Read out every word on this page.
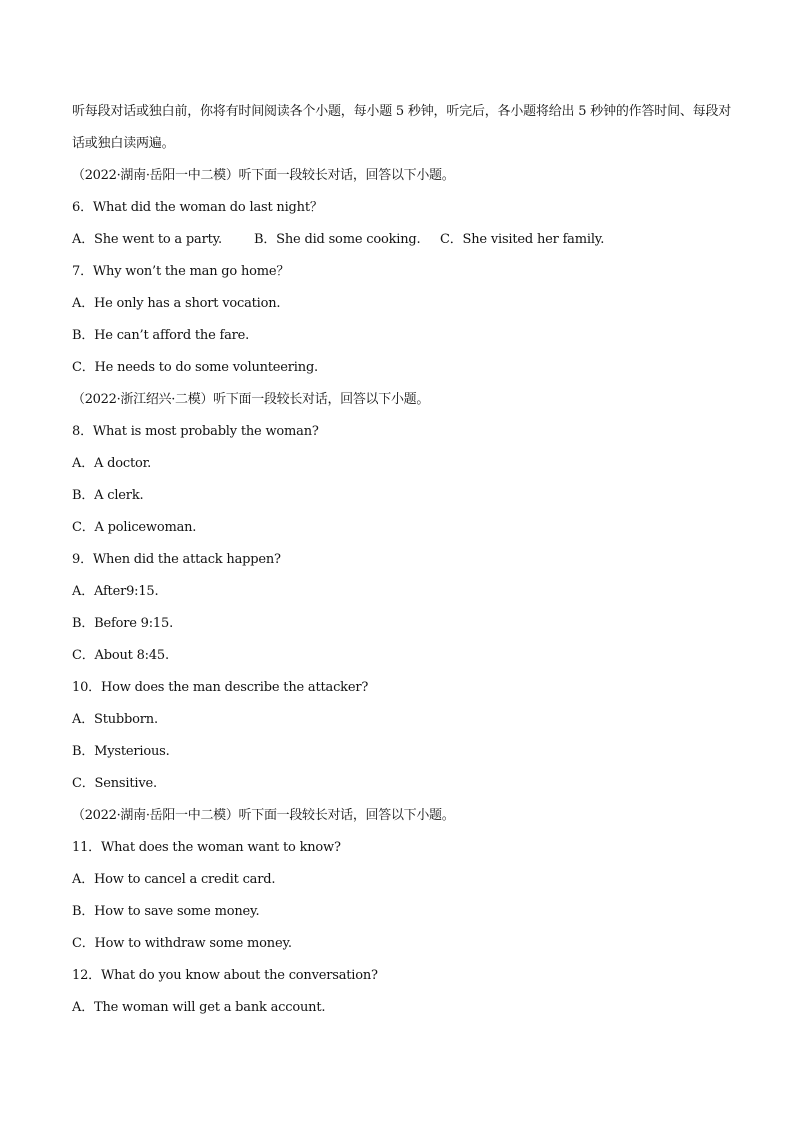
听每段对话或独白前，你将有时间阅读各个小题，每小题 5 秒钟，听完后，各小题将给出 5 秒钟的作答时间、每段对话或独白读两遍。
（2022·湖南·岳阳一中二模）听下面一段较长对话，回答以下小题。
6．What did the woman do last night？
A．She went to a party. B．She did some cooking. C．She visited her family.
7．Why won’t the man go home？
A．He only has a short vocation.
B．He can’t afford the fare.
C．He needs to do some volunteering.
（2022·浙江绍兴·二模）听下面一段较长对话，回答以下小题。
8．What is most probably the woman?
A．A doctor.
B．A clerk.
C．A policewoman.
9．When did the attack happen?
A．After9:15.
B．Before 9:15.
C．About 8:45.
10．How does the man describe the attacker?
A．Stubborn.
B．Mysterious.
C．Sensitive.
（2022·湖南·岳阳一中二模）听下面一段较长对话，回答以下小题。
11．What does the woman want to know?
A．How to cancel a credit card.
B．How to save some money.
C．How to withdraw some money.
12．What do you know about the conversation?
A．The woman will get a bank account.
